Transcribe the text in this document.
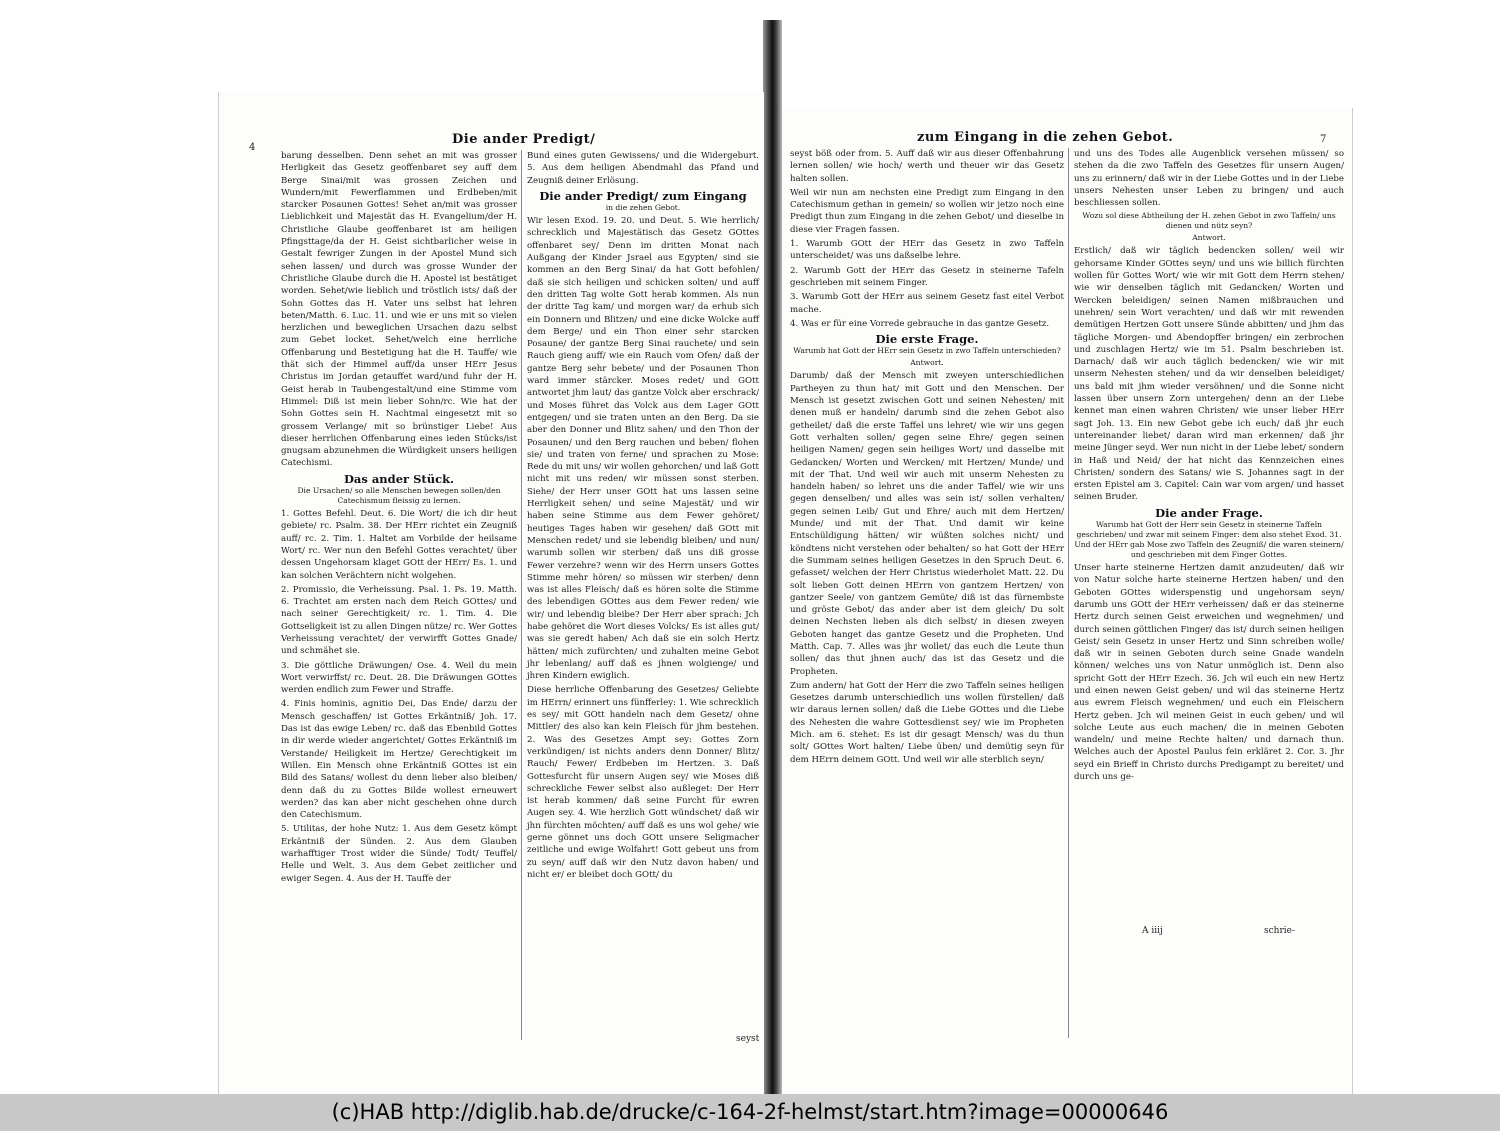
4
Die ander Predigt/

barung desselben. Denn sehet an mit was grosser Herligkeit das Gesetz geoffenbaret sey auff dem Berge Sinai/mit was grossen Zeichen und Wundern/mit Fewerflammen und Erdbeben/mit starcker Posaunen Gottes! Sehet an/mit was grosser Lieblichkeit und Majestät das H. Evangelium/der H. Christliche Glaube geoffenbaret ist am heiligen Pfingsttage/da der H. Geist sichtbarlicher weise in Gestalt fewriger Zungen in der Apostel Mund sich sehen lassen/ und durch was grosse Wunder der Christliche Glaube durch die H. Apostel ist bestätiget worden. Sehet/wie lieblich und tröstlich ists/ daß der Sohn Gottes das H. Vater uns selbst hat lehren beten/Matth. 6. Luc. 11. und wie er uns mit so vielen herzlichen und beweglichen Ursachen dazu selbst zum Gebet locket. Sehet/welch eine herrliche Offenbarung und Bestetigung hat die H. Tauffe/ wie thät sich der Himmel auff/da unser HErr Jesus Christus im Jordan getauffet ward/und fuhr der H. Geist herab in Taubengestalt/und eine Stimme vom Himmel: Diß ist mein lieber Sohn/rc. Wie hat der Sohn Gottes sein H. Nachtmal eingesetzt mit so grossem Verlange/ mit so brünstiger Liebe! Aus dieser herrlichen Offenbarung eines ieden Stücks/ist gnugsam abzunehmen die Würdigkeit unsers heiligen Catechismi.

Das ander Stück.
Die Ursachen/ so alle Menschen bewegen sollen/den Catechismum fleissig zu lernen.

1. Gottes Befehl. Deut. 6. Die Wort/ die ich dir heut gebiete/ rc. Psalm. 38. Der HErr richtet ein Zeugniß auff/ rc. 2. Tim. 1. Haltet am Vorbilde der heilsame Wort/ rc. Wer nun den Befehl Gottes verachtet/ über dessen Ungehorsam klaget GOtt der HErr/ Es. 1. und kan solchen Verächtern nicht wolgehen.

2. Promissio, die Verheissung. Psal. 1. Ps. 19. Matth. 6. Trachtet am ersten nach dem Reich GOttes/ und nach seiner Gerechtigkeit/ rc. 1. Tim. 4. Die Gottseligkeit ist zu allen Dingen nütze/ rc. Wer Gottes Verheissung verachtet/ der verwirfft Gottes Gnade/ und schmähet sie.

3. Die göttliche Dräwungen/ Ose. 4. Weil du mein Wort verwirffst/ rc. Deut. 28. Die Dräwungen GOttes werden endlich zum Fewer und Straffe.

4. Finis hominis, agnitio Dei, Das Ende/ darzu der Mensch geschaffen/ ist Gottes Erkäntniß/ Joh. 17. Das ist das ewige Leben/ rc. daß das Ebenbild Gottes in dir werde wieder angerichtet/ Gottes Erkäntniß im Verstande/ Heiligkeit im Hertze/ Gerechtigkeit im Willen. Ein Mensch ohne Erkäntniß GOttes ist ein Bild des Satans/ wollest du denn lieber also bleiben/ denn daß du zu Gottes Bilde wollest erneuwert werden? das kan aber nicht geschehen ohne durch den Catechismum.

5. Utilitas, der hohe Nutz: 1. Aus dem Gesetz kömpt Erkäntniß der Sünden. 2. Aus dem Glauben warhafftiger Trost wider die Sünde/ Todt/ Teuffel/ Helle und Welt. 3. Aus dem Gebet zeitlicher und ewiger Segen. 4. Aus der H. Tauffe der

Bund eines guten Gewissens/ und die Widergeburt. 5. Aus dem heiligen Abendmahl das Pfand und Zeugniß deiner Erlösung.

Die ander Predigt/ zum Eingang
in die zehen Gebot.

Wir lesen Exod. 19. 20. und Deut. 5. Wie herrlich/ schrecklich und Majestätisch das Gesetz GOttes offenbaret sey/ Denn im dritten Monat nach Außgang der Kinder Jsrael aus Egypten/ sind sie kommen an den Berg Sinai/ da hat Gott befohlen/ daß sie sich heiligen und schicken solten/ und auff den dritten Tag wolte Gott herab kommen. Als nun der dritte Tag kam/ und morgen war/ da erhub sich ein Donnern und Blitzen/ und eine dicke Wolcke auff dem Berge/ und ein Thon einer sehr starcken Posaune/ der gantze Berg Sinai rauchete/ und sein Rauch gieng auff/ wie ein Rauch vom Ofen/ daß der gantze Berg sehr bebete/ und der Posaunen Thon ward immer stärcker. Moses redet/ und GOtt antwortet jhm laut/ das gantze Volck aber erschrack/ und Moses führet das Volck aus dem Lager GOtt entgegen/ und sie traten unten an den Berg. Da sie aber den Donner und Blitz sahen/ und den Thon der Posaunen/ und den Berg rauchen und beben/ flohen sie/ und traten von ferne/ und sprachen zu Mose: Rede du mit uns/ wir wollen gehorchen/ und laß Gott nicht mit uns reden/ wir müssen sonst sterben. Siehe/ der Herr unser GOtt hat uns lassen seine Herrligkeit sehen/ und seine Majestät/ und wir haben seine Stimme aus dem Fewer gehöret/ heutiges Tages haben wir gesehen/ daß GOtt mit Menschen redet/ und sie lebendig bleiben/ und nun/ warumb sollen wir sterben/ daß uns diß grosse Fewer verzehre? wenn wir des Herrn unsers Gottes Stimme mehr hören/ so müssen wir sterben/ denn was ist alles Fleisch/ daß es hören solte die Stimme des lebendigen GOttes aus dem Fewer reden/ wie wir/ und lebendig bleibe? Der Herr aber sprach: Jch habe gehöret die Wort dieses Volcks/ Es ist alles gut/ was sie geredt haben/ Ach daß sie ein solch Hertz hätten/ mich zufürchten/ und zuhalten meine Gebot jhr lebenlang/ auff daß es jhnen wolgienge/ und jhren Kindern ewiglich.

Diese herrliche Offenbarung des Gesetzes/ Geliebte im HErrn/ erinnert uns fünfferley: 1. Wie schrecklich es sey/ mit GOtt handeln nach dem Gesetz/ ohne Mittler/ des also kan kein Fleisch für jhm bestehen. 2. Was des Gesetzes Ampt sey: Gottes Zorn verkündigen/ ist nichts anders denn Donner/ Blitz/ Rauch/ Fewer/ Erdbeben im Hertzen. 3. Daß Gottesfurcht für unsern Augen sey/ wie Moses diß schreckliche Fewer selbst also außleget: Der Herr ist herab kommen/ daß seine Furcht für ewren Augen sey. 4. Wie herzlich Gott wündschet/ daß wir jhn fürchten möchten/ auff daß es uns wol gehe/ wie gerne gönnet uns doch GOtt unsere Seligmacher zeitliche und ewige Wolfahrt! Gott gebeut uns from zu seyn/ auff daß wir den Nutz davon haben/ und nicht er/ er bleibet doch GOtt/ du

seyst
zum Eingang in die zehen Gebot.	7

seyst böß oder from. 5. Auff daß wir aus dieser Offenbahrung lernen sollen/ wie hoch/ werth und theuer wir das Gesetz halten sollen.

Weil wir nun am nechsten eine Predigt zum Eingang in den Catechismum gethan in gemein/ so wollen wir jetzo noch eine Predigt thun zum Eingang in die zehen Gebot/ und dieselbe in diese vier Fragen fassen.

1. Warumb GOtt der HErr das Gesetz in zwo Taffeln unterscheidet/ was uns daßselbe lehre.

2. Warumb Gott der HErr das Gesetz in steinerne Tafeln geschrieben mit seinem Finger.

3. Warumb Gott der HErr aus seinem Gesetz fast eitel Verbot mache.

4. Was er für eine Vorrede gebrauche in das gantze Gesetz.

Die erste Frage.
Warumb hat Gott der HErr sein Gesetz in zwo Taffeln unterschieden?
Antwort.

Darumb/ daß der Mensch mit zweyen unterschiedlichen Partheyen zu thun hat/ mit Gott und den Menschen. Der Mensch ist gesetzt zwischen Gott und seinen Nehesten/ mit denen muß er handeln/ darumb sind die zehen Gebot also getheilet/ daß die erste Taffel uns lehret/ wie wir uns gegen Gott verhalten sollen/ gegen seine Ehre/ gegen seinen heiligen Namen/ gegen sein heiliges Wort/ und dasselbe mit Gedancken/ Worten und Wercken/ mit Hertzen/ Munde/ und mit der That. Und weil wir auch mit unserm Nehesten zu handeln haben/ so lehret uns die ander Taffel/ wie wir uns gegen denselben/ und alles was sein ist/ sollen verhalten/ gegen seinen Leib/ Gut und Ehre/ auch mit dem Hertzen/ Munde/ und mit der That. Und damit wir keine Entschüldigung hätten/ wir wüßten solches nicht/ und köndtens nicht verstehen oder behalten/ so hat Gott der HErr die Summam seines heiligen Gesetzes in den Spruch Deut. 6. gefasset/ welchen der Herr Christus wiederholet Matt. 22. Du solt lieben Gott deinen HErrn von gantzem Hertzen/ von gantzer Seele/ von gantzem Gemüte/ diß ist das fürnembste und gröste Gebot/ das ander aber ist dem gleich/ Du solt deinen Nechsten lieben als dich selbst/ in diesen zweyen Geboten hanget das gantze Gesetz und die Propheten. Und Matth. Cap. 7. Alles was jhr wollet/ das euch die Leute thun sollen/ das thut jhnen auch/ das ist das Gesetz und die Propheten.

Zum andern/ hat Gott der Herr die zwo Taffeln seines heiligen Gesetzes darumb unterschiedlich uns wollen fürstellen/ daß wir daraus lernen sollen/ daß die Liebe GOttes und die Liebe des Nehesten die wahre Gottesdienst sey/ wie im Propheten Mich. am 6. stehet: Es ist dir gesagt Mensch/ was du thun solt/ GOttes Wort halten/ Liebe üben/ und demütig seyn für dem HErrn deinem GOtt. Und weil wir alle sterblich seyn/

und uns des Todes alle Augenblick versehen müssen/ so stehen da die zwo Taffeln des Gesetzes für unsern Augen/ uns zu erinnern/ daß wir in der Liebe Gottes und in der Liebe unsers Nehesten unser Leben zu bringen/ und auch beschliessen sollen.

Wozu sol diese Abtheilung der H. zehen Gebot in zwo Taffeln/ uns dienen und nütz seyn?
Antwort.

Erstlich/ daß wir täglich bedencken sollen/ weil wir gehorsame Kinder GOttes seyn/ und uns wie billich fürchten wollen für Gottes Wort/ wie wir mit Gott dem Herrn stehen/ wie wir denselben täglich mit Gedancken/ Worten und Wercken beleidigen/ seinen Namen mißbrauchen und unehren/ sein Wort verachten/ und daß wir mit rewenden demütigen Hertzen Gott unsere Sünde abbitten/ und jhm das tägliche Morgen- und Abendopffer bringen/ ein zerbrochen und zuschlagen Hertz/ wie im 51. Psalm beschrieben ist. Darnach/ daß wir auch täglich bedencken/ wie wir mit unserm Nehesten stehen/ und da wir denselben beleidiget/ uns bald mit jhm wieder versöhnen/ und die Sonne nicht lassen über unsern Zorn untergehen/ denn an der Liebe kennet man einen wahren Christen/ wie unser lieber HErr sagt Joh. 13. Ein new Gebot gebe ich euch/ daß jhr euch untereinander liebet/ daran wird man erkennen/ daß jhr meine Jünger seyd. Wer nun nicht in der Liebe lebet/ sondern in Haß und Neid/ der hat nicht das Kennzeichen eines Christen/ sondern des Satans/ wie S. Johannes sagt in der ersten Epistel am 3. Capitel: Cain war vom argen/ und hasset seinen Bruder.

Die ander Frage.
Warumb hat Gott der Herr sein Gesetz in steinerne Taffeln geschrieben/ und zwar mit seinem Finger: dem also stehet Exod. 31. Und der HErr gab Mose zwo Taffeln des Zeugniß/ die waren steinern/ und geschrieben mit dem Finger Gottes.

Unser harte steinerne Hertzen damit anzudeuten/ daß wir von Natur solche harte steinerne Hertzen haben/ und den Geboten GOttes widerspenstig und ungehorsam seyn/ darumb uns GOtt der HErr verheissen/ daß er das steinerne Hertz durch seinen Geist erweichen und wegnehmen/ und durch seinen göttlichen Finger/ das ist/ durch seinen heiligen Geist/ sein Gesetz in unser Hertz und Sinn schreiben wolle/ daß wir in seinen Geboten durch seine Gnade wandeln können/ welches uns von Natur unmöglich ist. Denn also spricht Gott der HErr Ezech. 36. Jch wil euch ein new Hertz und einen newen Geist geben/ und wil das steinerne Hertz aus ewrem Fleisch wegnehmen/ und euch ein Fleischern Hertz geben. Jch wil meinen Geist in euch geben/ und wil solche Leute aus euch machen/ die in meinen Geboten wandeln/ und meine Rechte halten/ und darnach thun. Welches auch der Apostel Paulus fein erkläret 2. Cor. 3. Jhr seyd ein Brieff in Christo durchs Predigampt zu bereitet/ und durch uns ge-

A iiij	schrie-
(c)HAB http://diglib.hab.de/drucke/c-164-2f-helmst/start.htm?image=00000646
